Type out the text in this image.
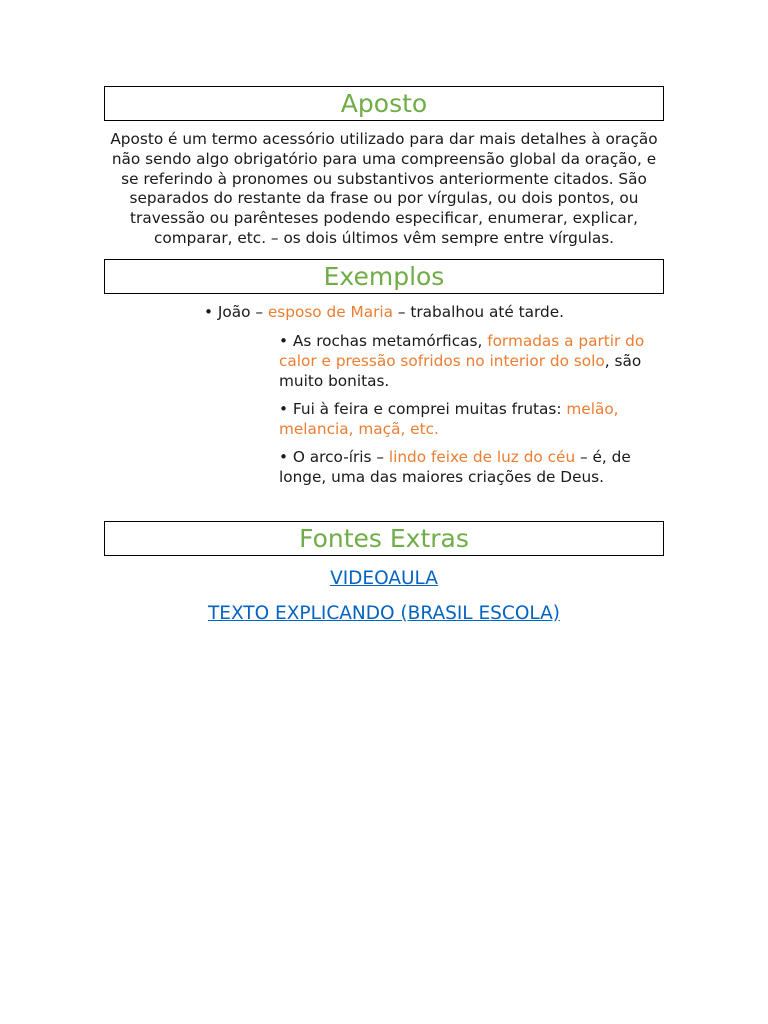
Aposto

Aposto é um termo acessório utilizado para dar mais detalhes à oração não sendo algo obrigatório para uma compreensão global da oração, e se referindo à pronomes ou substantivos anteriormente citados. São separados do restante da frase ou por vírgulas, ou dois pontos, ou travessão ou parênteses podendo especificar, enumerar, explicar, comparar, etc. – os dois últimos vêm sempre entre vírgulas.

Exemplos

• João – esposo de Maria – trabalhou até tarde.

• As rochas metamórficas, formadas a partir do calor e pressão sofridos no interior do solo, são muito bonitas.

• Fui à feira e comprei muitas frutas: melão, melancia, maçã, etc.

• O arco-íris – lindo feixe de luz do céu – é, de longe, uma das maiores criações de Deus.

Fontes Extras
VIDEOAULA
TEXTO EXPLICANDO (BRASIL ESCOLA)
